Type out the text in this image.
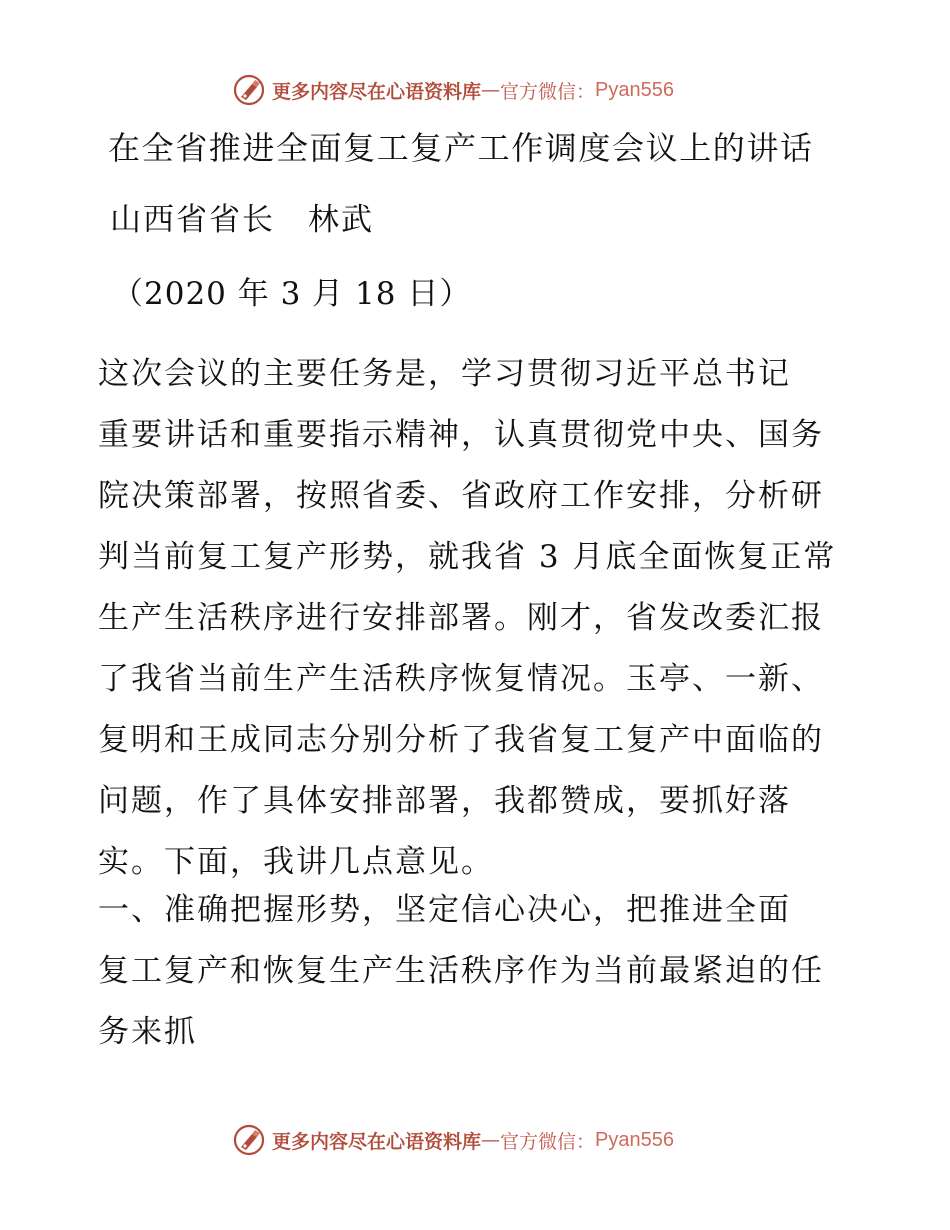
更多内容尽在心语资料库 — 官方微信： Pyan556
在全省推进全面复工复产工作调度会议上的讲话
山西省省长　林武
（2020 年 3 月 18 日）
这次会议的主要任务是，学习贯彻习近平总书记
重要讲话和重要指示精神，认真贯彻党中央、国务
院决策部署，按照省委、省政府工作安排，分析研
判当前复工复产形势，就我省 3 月底全面恢复正常
生产生活秩序进行安排部署。刚才，省发改委汇报
了我省当前生产生活秩序恢复情况。玉亭、一新、
复明和王成同志分别分析了我省复工复产中面临的
问题，作了具体安排部署，我都赞成，要抓好落
实。下面，我讲几点意见。
一、准确把握形势，坚定信心决心，把推进全面
复工复产和恢复生产生活秩序作为当前最紧迫的任
务来抓
更多内容尽在心语资料库 — 官方微信： Pyan556
